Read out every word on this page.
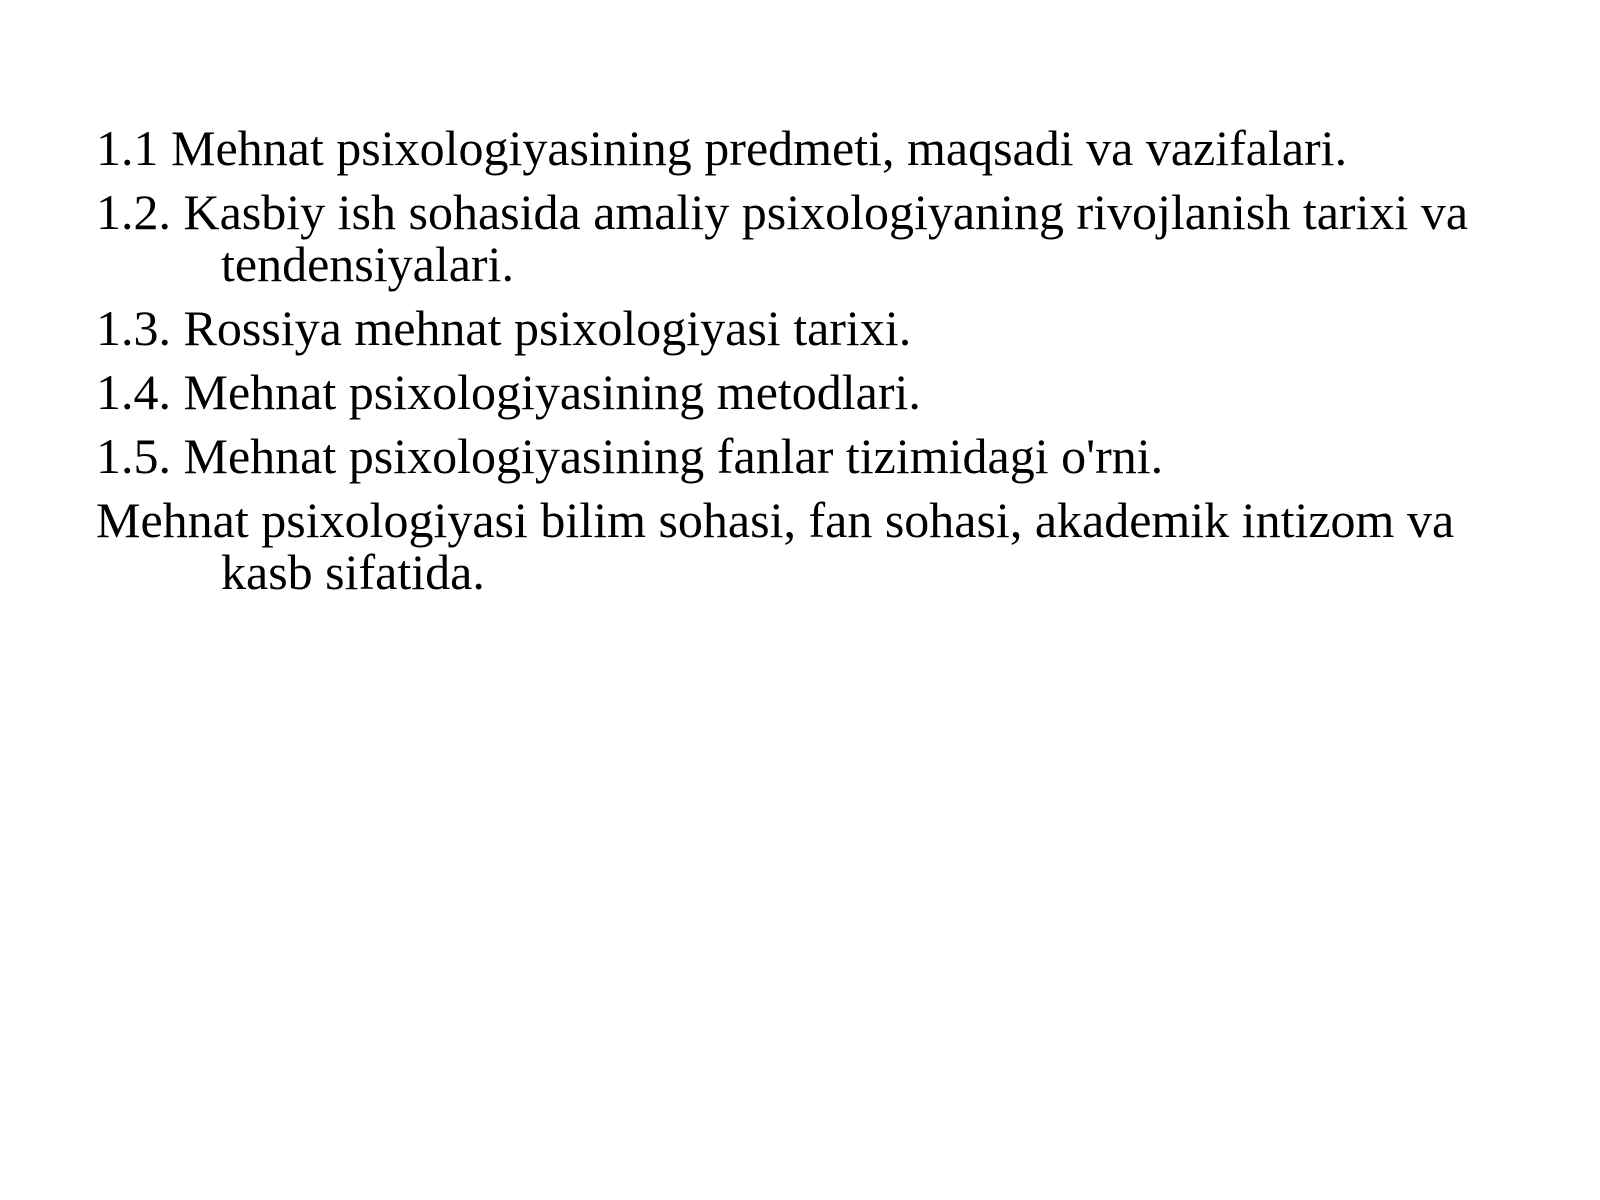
1.1 Mehnat psixologiyasining predmeti, maqsadi va vazifalari.

1.2. Kasbiy ish sohasida amaliy psixologiyaning rivojlanish tarixi va tendensiyalari.

1.3. Rossiya mehnat psixologiyasi tarixi.

1.4. Mehnat psixologiyasining metodlari.

1.5. Mehnat psixologiyasining fanlar tizimidagi o'rni.

Mehnat psixologiyasi bilim sohasi, fan sohasi, akademik intizom va kasb sifatida.
